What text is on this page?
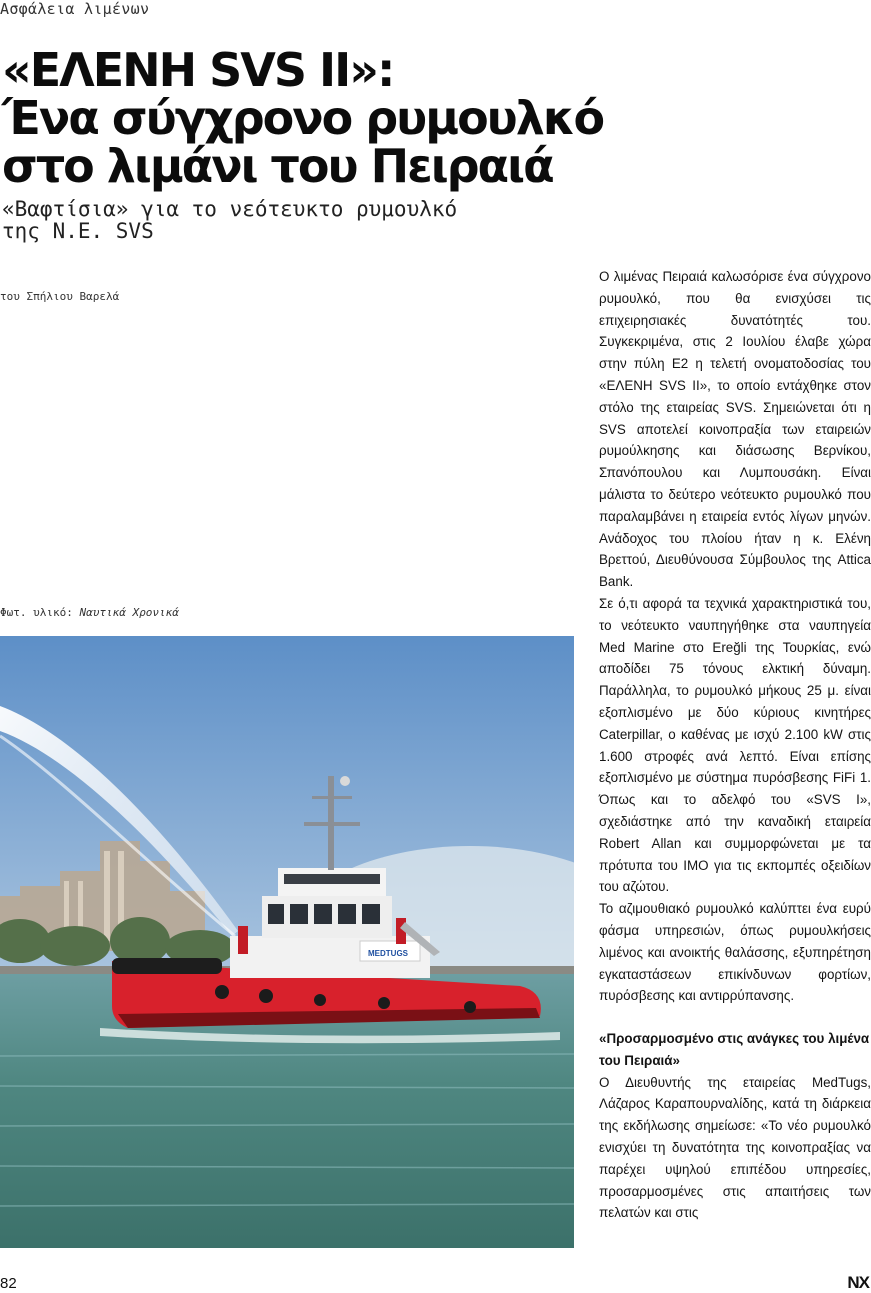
Ασφάλεια λιμένων
«ΕΛΕΝΗ SVS II»:
Ένα σύγχρονο ρυμουλκό
στο λιμάνι του Πειραιά
«Βαφτίσια» για το νεότευκτο ρυμουλκό
της Ν.Ε. SVS
του Σπήλιου Βαρελά
Φωτ. υλικό: Ναυτικά Χρονικά
MEDTUGS

Ο λιμένας Πειραιά καλωσόρισε ένα σύγχρονο ρυμουλκό, που θα ενισχύσει τις επιχειρησιακές δυνατότητές του. Συγκεκριμένα, στις 2 Ιουλίου έλαβε χώρα στην πύλη Ε2 η τελετή ονοματοδοσίας του «ΕΛΕΝΗ SVS II», το οποίο εντάχθηκε στον στόλο της εταιρείας SVS. Σημειώνεται ότι η SVS αποτελεί κοινοπραξία των εταιρειών ρυμούλκησης και διάσωσης Βερνίκου, Σπανόπουλου και Λυμπουσάκη. Είναι μάλιστα το δεύτερο νεότευκτο ρυμουλκό που παραλαμβάνει η εταιρεία εντός λίγων μηνών. Ανάδοχος του πλοίου ήταν η κ. Ελένη Βρεττού, Διευθύνουσα Σύμβουλος της Attica Bank.

Σε ό,τι αφορά τα τεχνικά χαρακτηριστικά του, το νεότευκτο ναυπηγήθηκε στα ναυπηγεία Med Marine στο Ereğli της Τουρκίας, ενώ αποδίδει 75 τόνους ελκτική δύναμη. Παράλληλα, το ρυμουλκό μήκους 25 μ. είναι εξοπλισμένο με δύο κύριους κινητήρες Caterpillar, ο καθένας με ισχύ 2.100 kW στις 1.600 στροφές ανά λεπτό. Είναι επίσης εξοπλισμένο με σύστημα πυρόσβεσης FiFi 1. Όπως και το αδελφό του «SVS I», σχεδιάστηκε από την καναδική εταιρεία Robert Allan και συμμορφώνεται με τα πρότυπα του IMO για τις εκπομπές οξειδίων του αζώτου.

Το αζιμουθιακό ρυμουλκό καλύπτει ένα ευρύ φάσμα υπηρεσιών, όπως ρυμουλκήσεις λιμένος και ανοικτής θαλάσσης, εξυπηρέτηση εγκαταστάσεων επικίνδυνων φορτίων, πυρόσβεσης και αντιρρύπανσης.

«Προσαρμοσμένο στις ανάγκες του λιμένα του Πειραιά»

Ο Διευθυντής της εταιρείας MedTugs, Λάζαρος Καραπουρναλίδης, κατά τη διάρκεια της εκδήλωσης σημείωσε: «Το νέο ρυμουλκό ενισχύει τη δυνατότητα της κοινοπραξίας να παρέχει υψηλού επιπέδου υπηρεσίες, προσαρμοσμένες στις απαιτήσεις των πελατών και στις

82	NX
